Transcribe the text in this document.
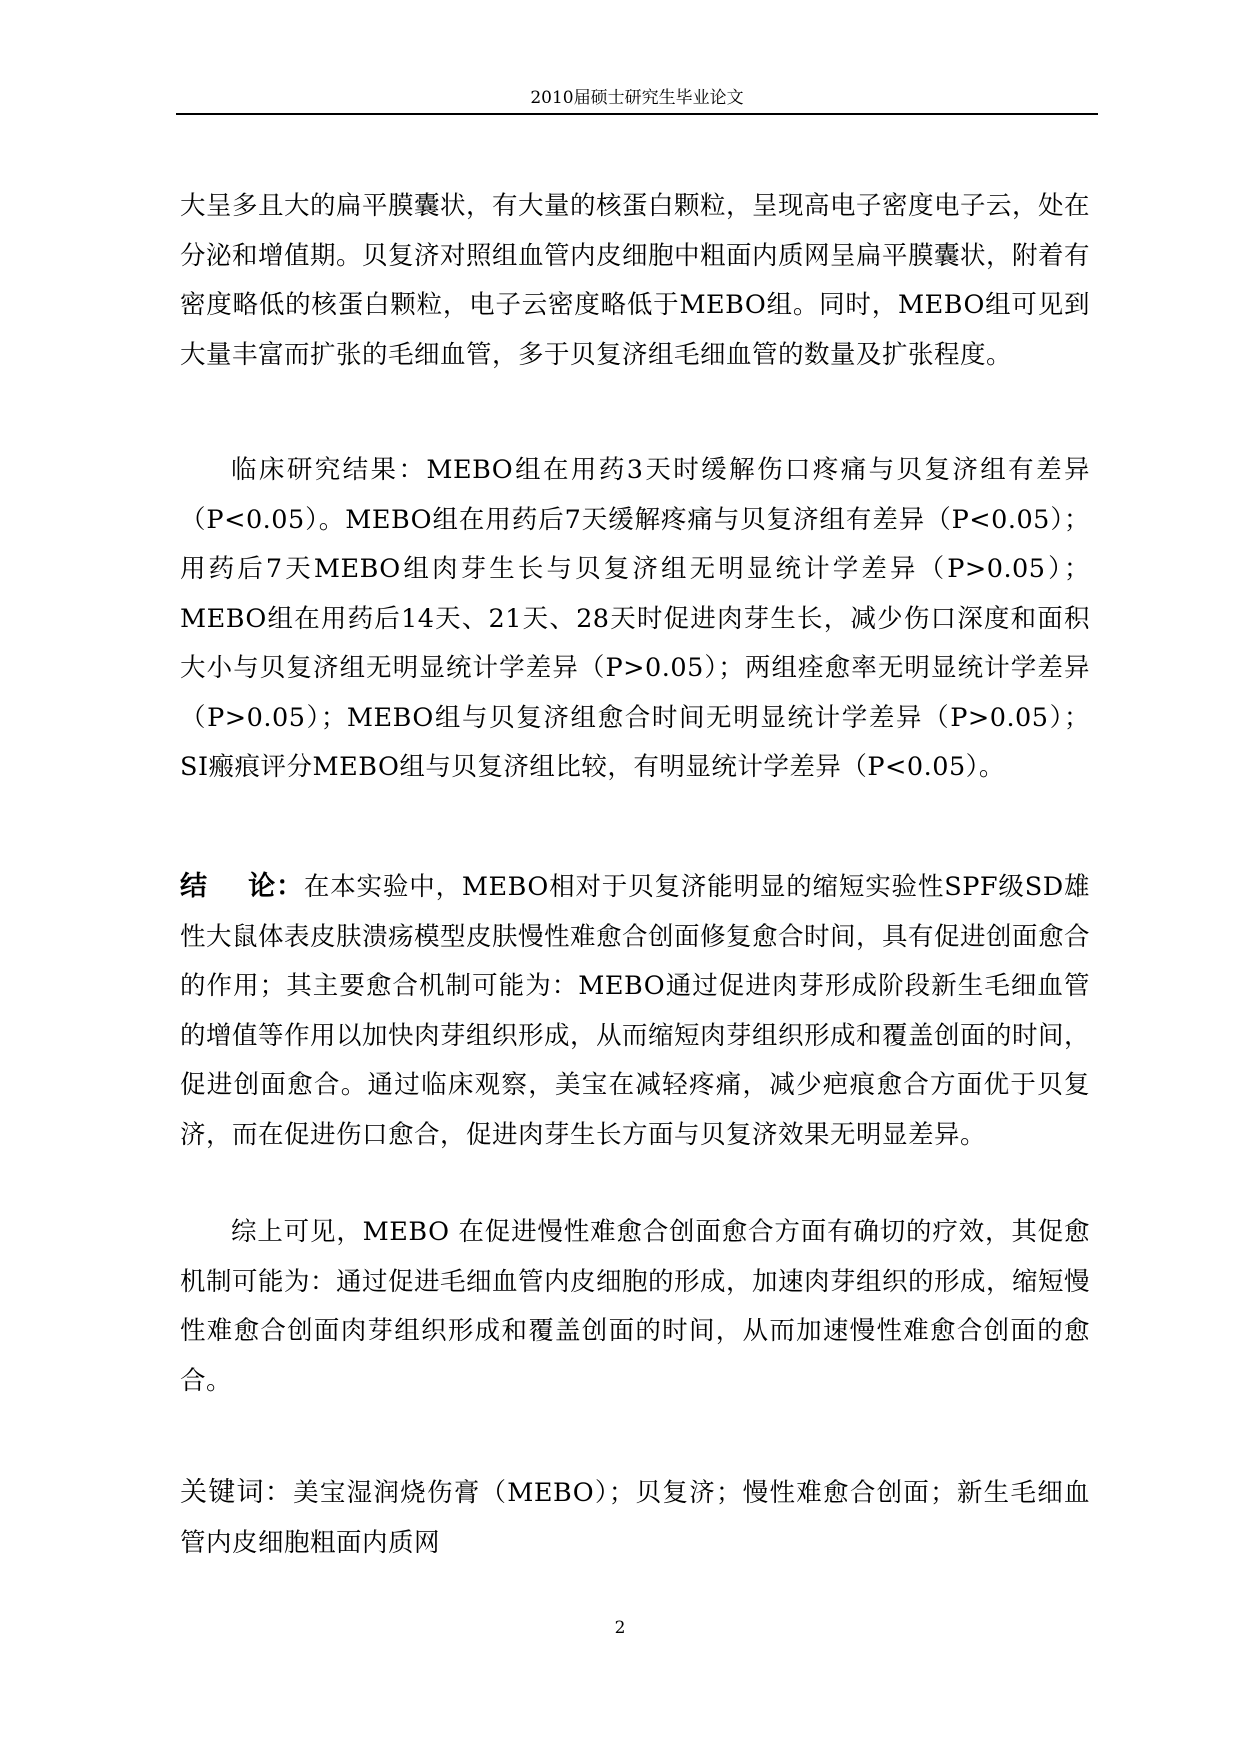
2010届硕士研究生毕业论文

大呈多且大的扁平膜囊状，有大量的核蛋白颗粒，呈现高电子密度电子云，处在分泌和增值期。贝复济对照组血管内皮细胞中粗面内质网呈扁平膜囊状，附着有密度略低的核蛋白颗粒，电子云密度略低于MEBO组。同时，MEBO组可见到大量丰富而扩张的毛细血管，多于贝复济组毛细血管的数量及扩张程度。

临床研究结果：MEBO组在用药3天时缓解伤口疼痛与贝复济组有差异（P<0.05）。MEBO组在用药后7天缓解疼痛与贝复济组有差异（P<0.05）；用药后7天MEBO组肉芽生长与贝复济组无明显统计学差异（P>0.05）；MEBO组在用药后14天、21天、28天时促进肉芽生长，减少伤口深度和面积大小与贝复济组无明显统计学差异（P>0.05）；两组痊愈率无明显统计学差异（P>0.05）；MEBO组与贝复济组愈合时间无明显统计学差异（P>0.05）；SI瘢痕评分MEBO组与贝复济组比较，有明显统计学差异（P<0.05）。

结 论：在本实验中，MEBO相对于贝复济能明显的缩短实验性SPF级SD雄性大鼠体表皮肤溃疡模型皮肤慢性难愈合创面修复愈合时间，具有促进创面愈合的作用；其主要愈合机制可能为：MEBO通过促进肉芽形成阶段新生毛细血管的增值等作用以加快肉芽组织形成，从而缩短肉芽组织形成和覆盖创面的时间，促进创面愈合。通过临床观察，美宝在减轻疼痛，减少疤痕愈合方面优于贝复济，而在促进伤口愈合，促进肉芽生长方面与贝复济效果无明显差异。

综上可见，MEBO 在促进慢性难愈合创面愈合方面有确切的疗效，其促愈机制可能为：通过促进毛细血管内皮细胞的形成，加速肉芽组织的形成，缩短慢性难愈合创面肉芽组织形成和覆盖创面的时间，从而加速慢性难愈合创面的愈合。

关键词：美宝湿润烧伤膏（MEBO）；贝复济；慢性难愈合创面；新生毛细血管内皮细胞粗面内质网

2
